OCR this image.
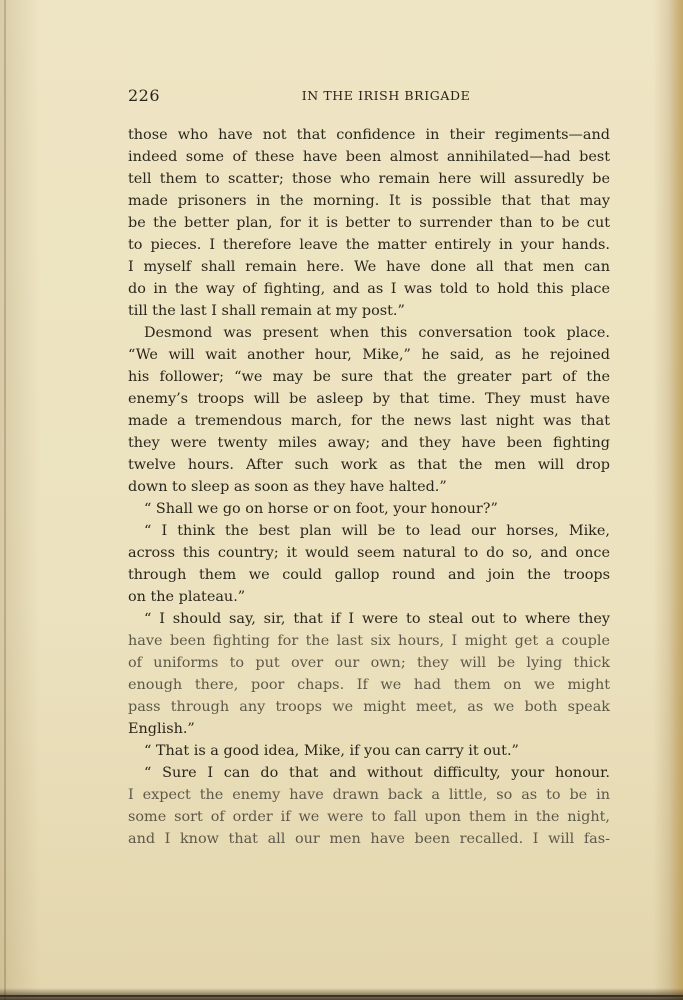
226	IN THE IRISH BRIGADE
those who have not that confidence in their regiments—and
indeed some of these have been almost annihilated—had best
tell them to scatter; those who remain here will assuredly be
made prisoners in the morning. It is possible that that may
be the better plan, for it is better to surrender than to be cut
to pieces. I therefore leave the matter entirely in your hands.
I myself shall remain here. We have done all that men can
do in the way of fighting, and as I was told to hold this place
till the last I shall remain at my post.”
Desmond was present when this conversation took place.
“We will wait another hour, Mike,” he said, as he rejoined
his follower; “we may be sure that the greater part of the
enemy’s troops will be asleep by that time. They must have
made a tremendous march, for the news last night was that
they were twenty miles away; and they have been fighting
twelve hours. After such work as that the men will drop
down to sleep as soon as they have halted.”
“ Shall we go on horse or on foot, your honour?”
“ I think the best plan will be to lead our horses, Mike,
across this country; it would seem natural to do so, and once
through them we could gallop round and join the troops
on the plateau.”
“ I should say, sir, that if I were to steal out to where they
have been fighting for the last six hours, I might get a couple
of uniforms to put over our own; they will be lying thick
enough there, poor chaps. If we had them on we might
pass through any troops we might meet, as we both speak
English.”
“ That is a good idea, Mike, if you can carry it out.”
“ Sure I can do that and without difficulty, your honour.
I expect the enemy have drawn back a little, so as to be in
some sort of order if we were to fall upon them in the night,
and I know that all our men have been recalled. I will fas-
